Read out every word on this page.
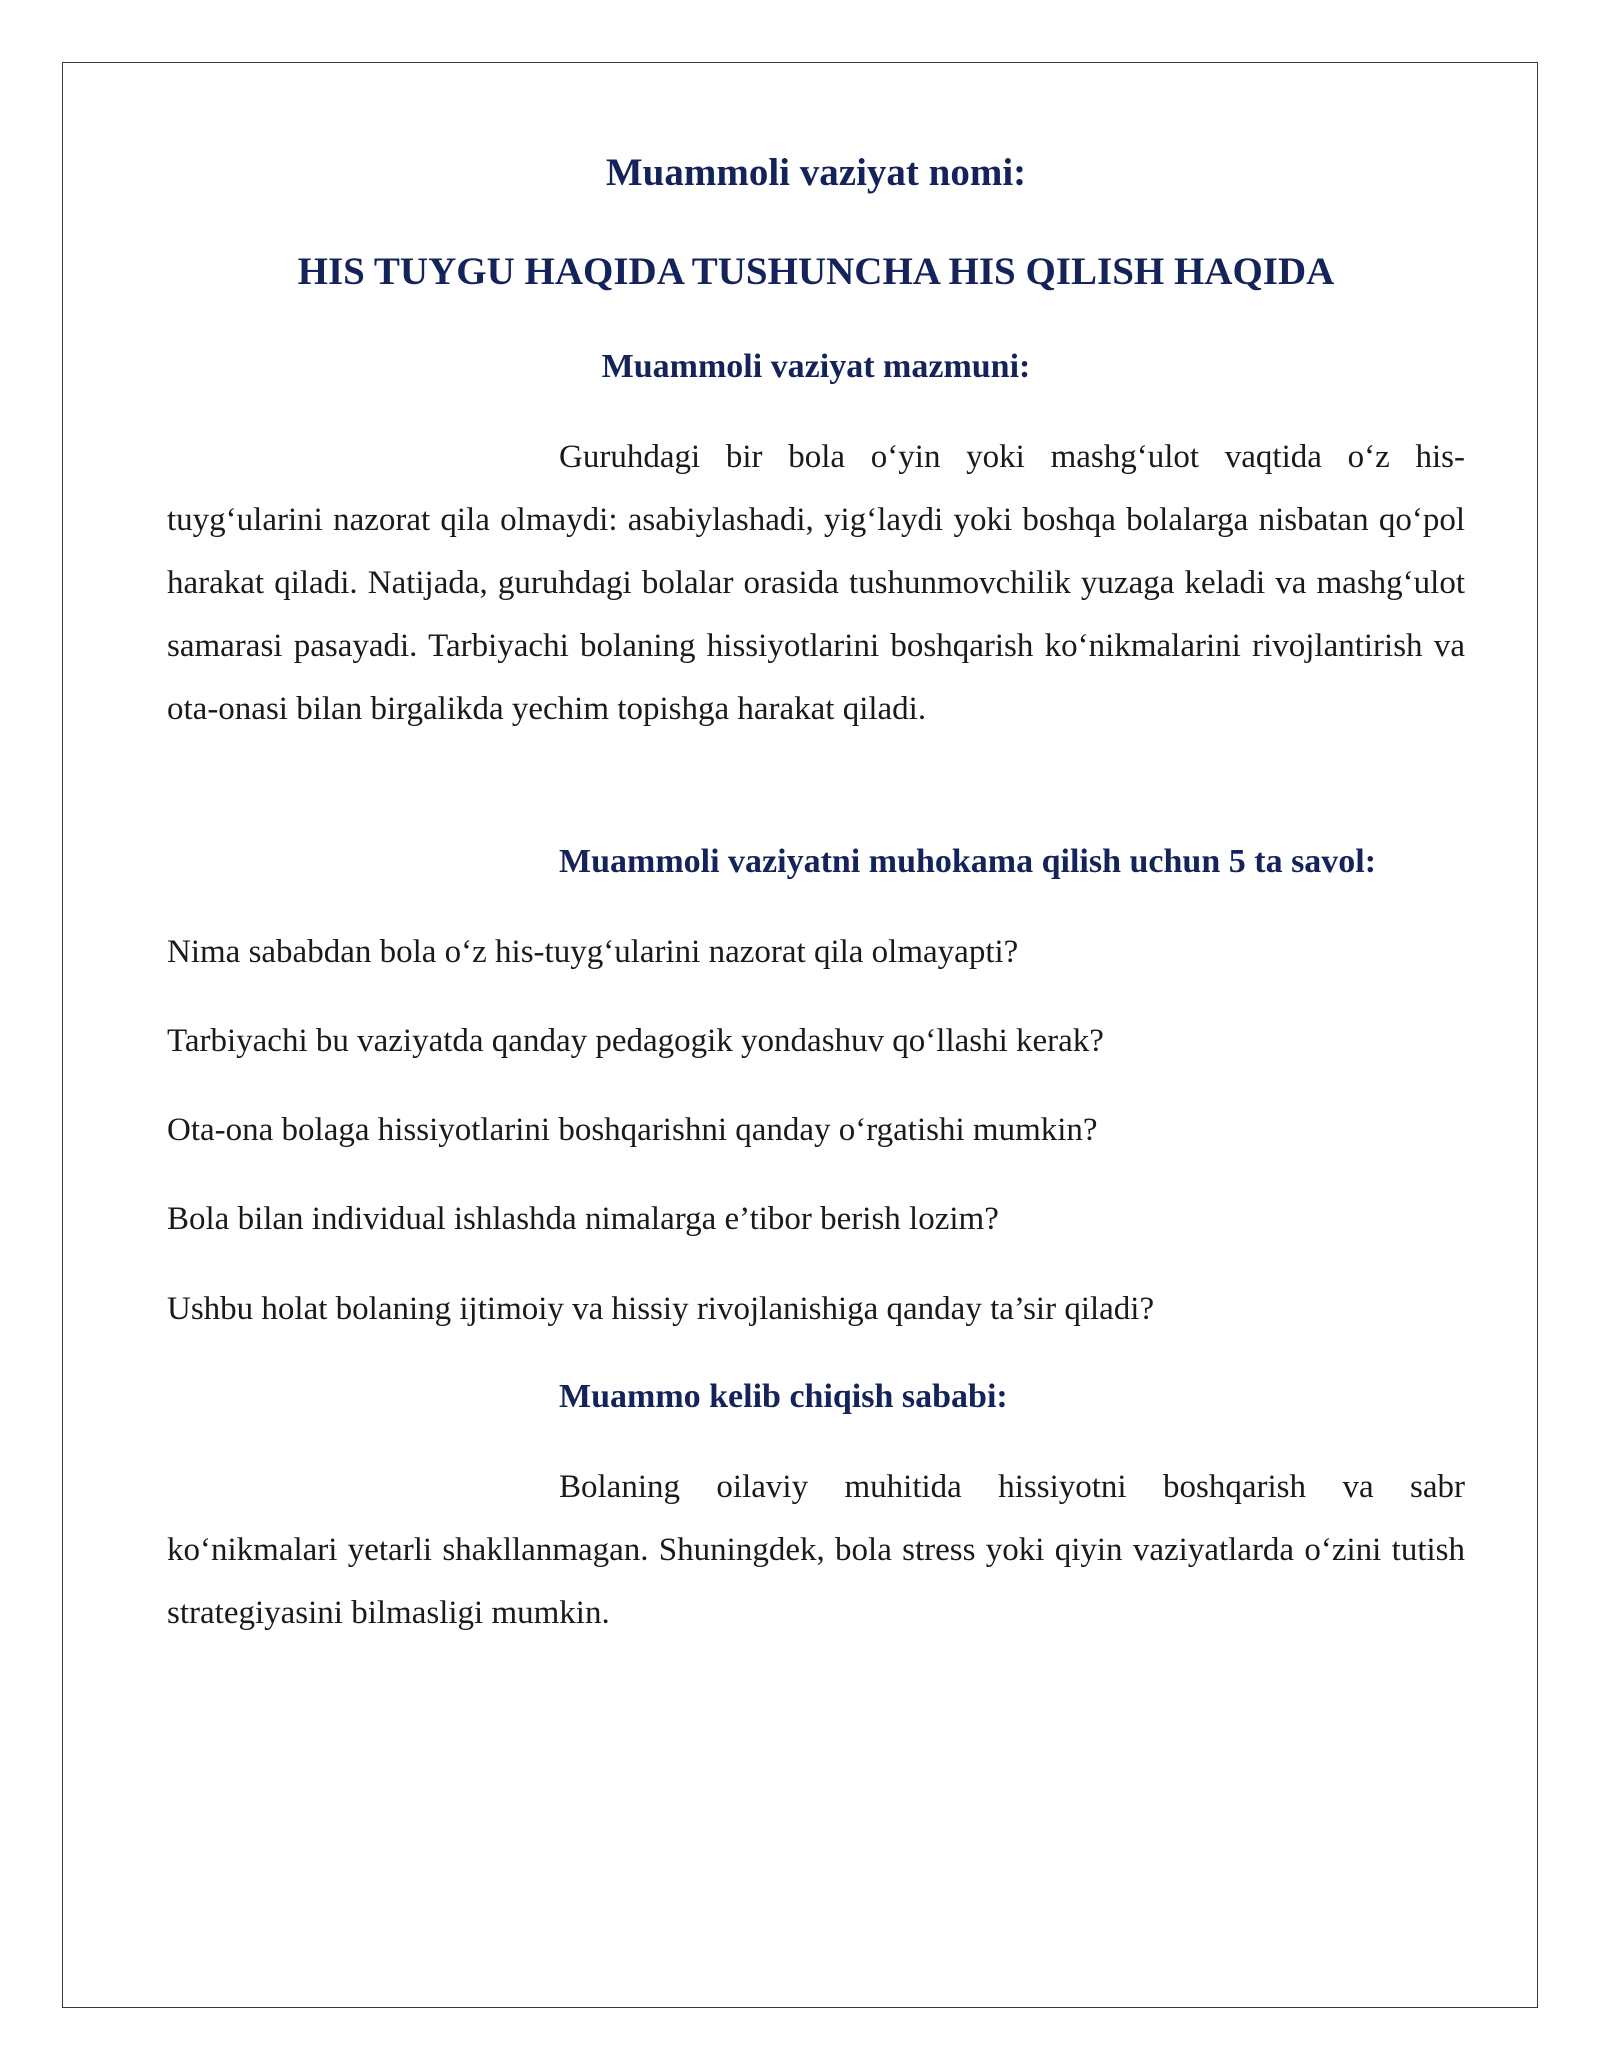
Muammoli vaziyat nomi:
HIS TUYGU HAQIDA TUSHUNCHA HIS QILISH HAQIDA
Muammoli vaziyat mazmuni:

Guruhdagi bir bola o‘yin yoki mashg‘ulot vaqtida o‘z his-tuyg‘ularini nazorat qila olmaydi: asabiylashadi, yig‘laydi yoki boshqa bolalarga nisbatan qo‘pol harakat qiladi. Natijada, guruhdagi bolalar orasida tushunmovchilik yuzaga keladi va mashg‘ulot samarasi pasayadi. Tarbiyachi bolaning hissiyotlarini boshqarish ko‘nikmalarini rivojlantirish va ota-onasi bilan birgalikda yechim topishga harakat qiladi.

Muammoli vaziyatni muhokama qilish uchun 5 ta savol:
Nima sababdan bola o‘z his-tuyg‘ularini nazorat qila olmayapti?
Tarbiyachi bu vaziyatda qanday pedagogik yondashuv qo‘llashi kerak?
Ota-ona bolaga hissiyotlarini boshqarishni qanday o‘rgatishi mumkin?
Bola bilan individual ishlashda nimalarga e’tibor berish lozim?
Ushbu holat bolaning ijtimoiy va hissiy rivojlanishiga qanday ta’sir qiladi?
Muammo kelib chiqish sababi:

Bolaning oilaviy muhitida hissiyotni boshqarish va sabr ko‘nikmalari yetarli shakllanmagan. Shuningdek, bola stress yoki qiyin vaziyatlarda o‘zini tutish strategiyasini bilmasligi mumkin.
